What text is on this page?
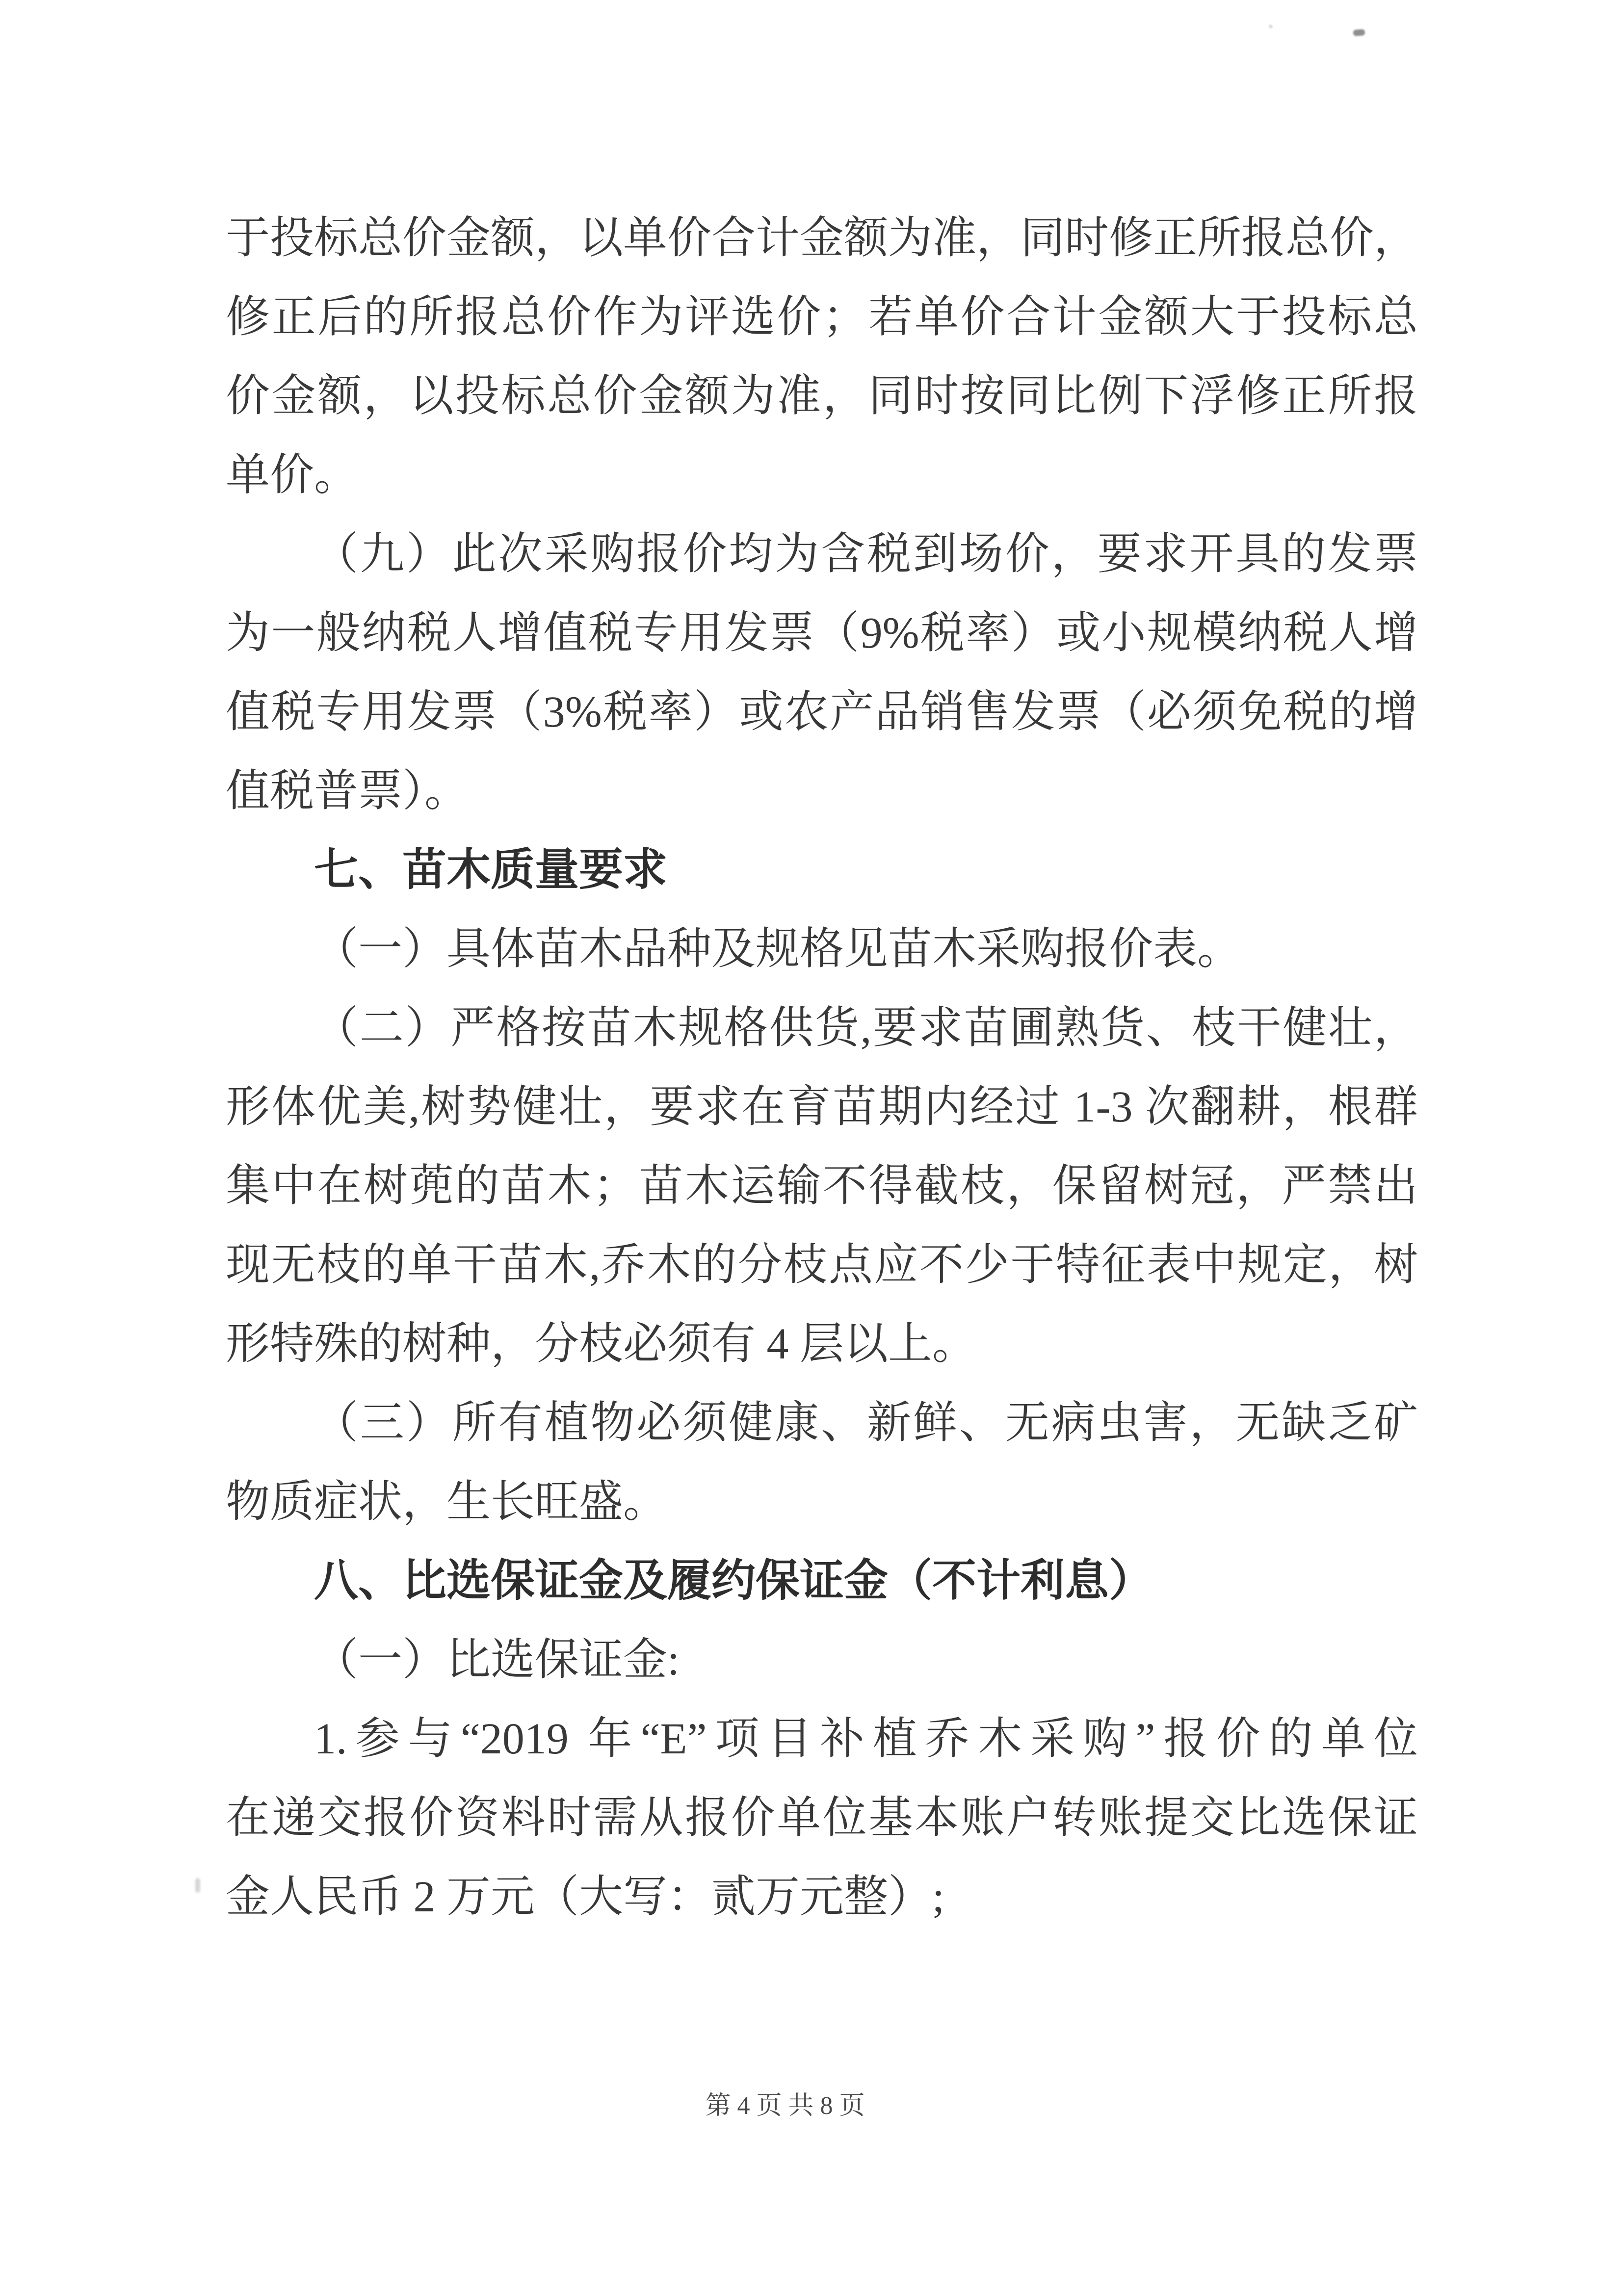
于投标总价金额，以单价合计金额为准，同时修正所报总价，
修正后的所报总价作为评选价；若单价合计金额大于投标总
价金额，以投标总价金额为准，同时按同比例下浮修正所报
单价。
（九）此次采购报价均为含税到场价，要求开具的发票
为一般纳税人增值税专用发票（9%税率）或小规模纳税人增
值税专用发票（3%税率）或农产品销售发票（必须免税的增
值税普票）。
七、苗木质量要求
（一）具体苗木品种及规格见苗木采购报价表。
（二）严格按苗木规格供货,要求苗圃熟货、枝干健壮，
形体优美,树势健壮，要求在育苗期内经过 1-3 次翻耕，根群
集中在树蔸的苗木；苗木运输不得截枝，保留树冠，严禁出
现无枝的单干苗木,乔木的分枝点应不少于特征表中规定，树
形特殊的树种，分枝必须有 4 层以上。
（三）所有植物必须健康、新鲜、无病虫害，无缺乏矿
物质症状，生长旺盛。
八、比选保证金及履约保证金（不计利息）
（一）比选保证金:
1.参与“2019 年“E”项目补植乔木采购”报价的单位
在递交报价资料时需从报价单位基本账户转账提交比选保证
金人民币 2 万元（大写：贰万元整）;
第 4 页 共 8 页
